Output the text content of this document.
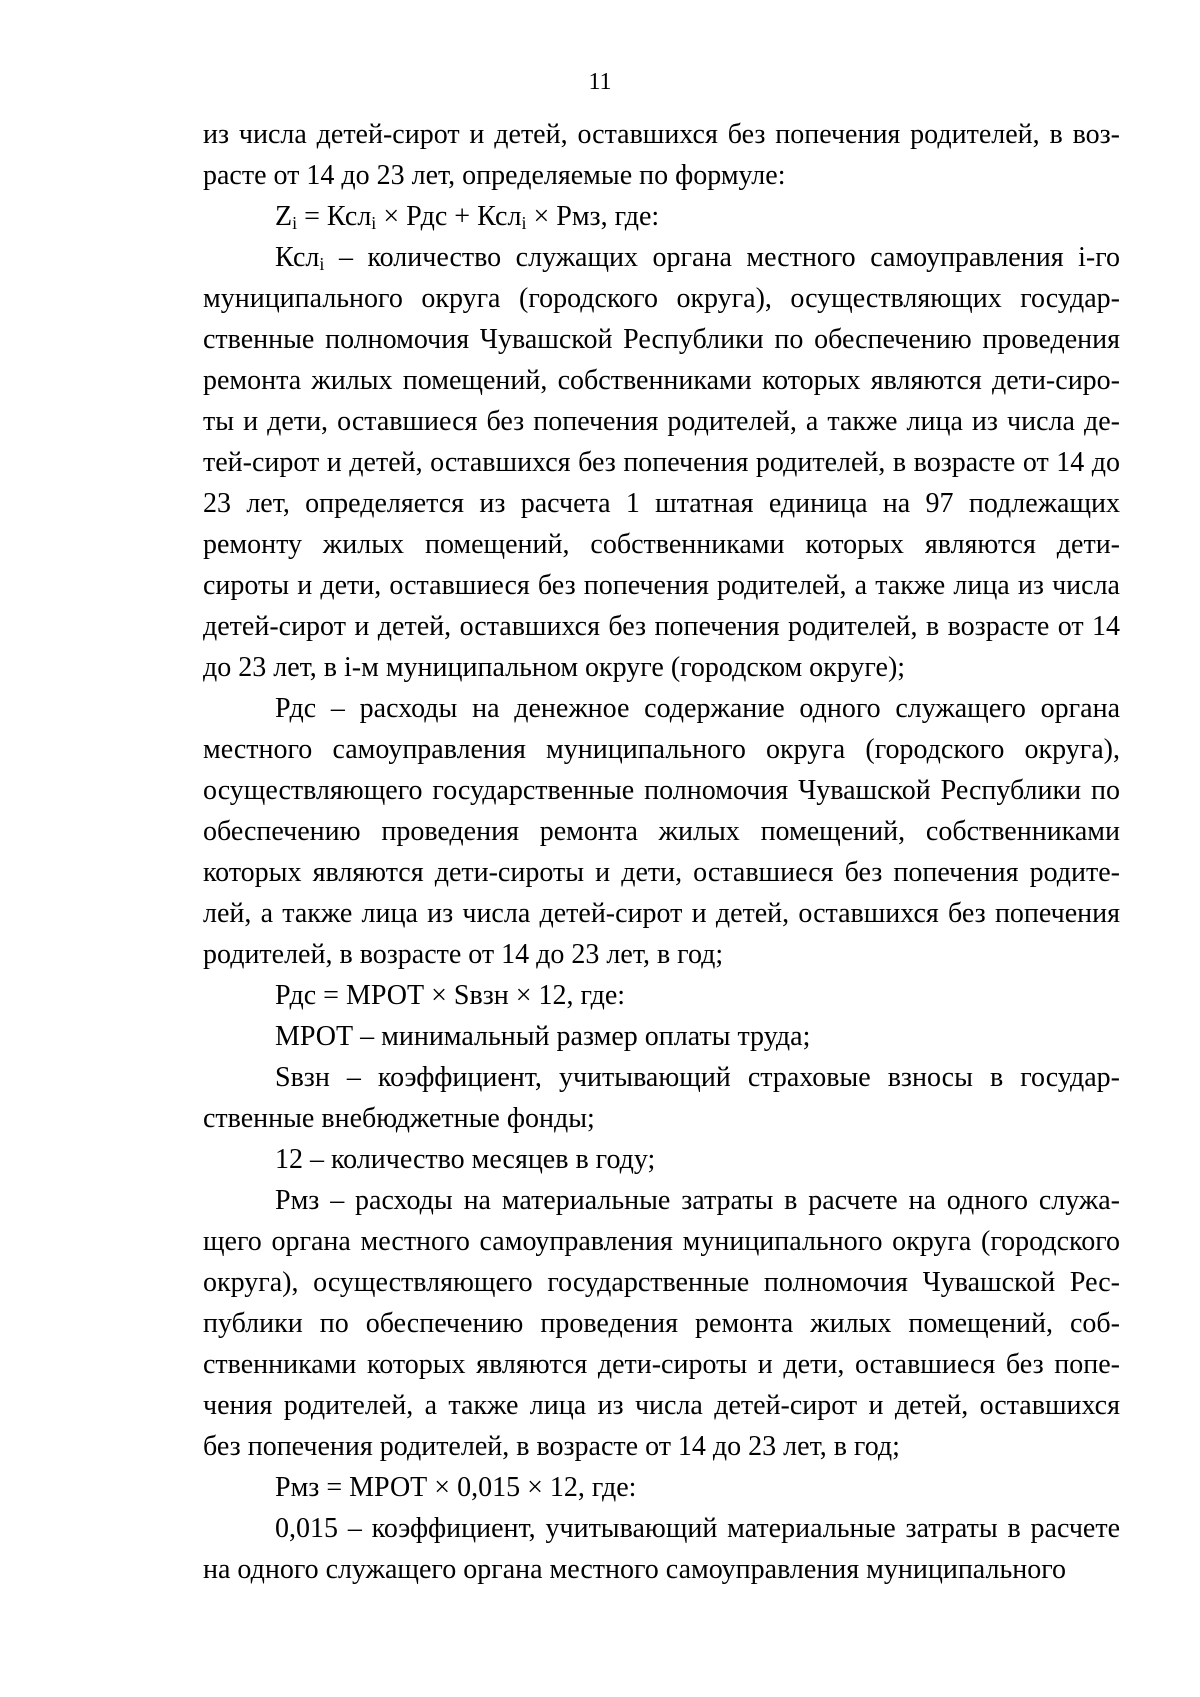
11

из числа детей-сирот и детей, оставшихся без попечения родителей, в возрасте от 14 до 23 лет, определяемые по формуле:

$Z_i = Ксл_i$ × Рдс + Ксл$_i$ × Рмз, где:

Ксл$_i$ – количество служащих органа местного самоуправления i-го муниципального округа (городского округа), осуществляющих государственные полномочия Чувашской Республики по обеспечению проведения ремонта жилых помещений, собственниками которых являются дети-сироты и дети, оставшиеся без попечения родителей, а также лица из числа детей-сирот и детей, оставшихся без попечения родителей, в возрасте от 14 до 23 лет, определяется из расчета 1 штатная единица на 97 подлежащих ремонту жилых помещений, собственниками которых являются дети-сироты и дети, оставшиеся без попечения родителей, а также лица из числа детей-сирот и детей, оставшихся без попечения родителей, в возрасте от 14 до 23 лет, в i-м муниципальном округе (городском округе);

Рдс – расходы на денежное содержание одного служащего органа местного самоуправления муниципального округа (городского округа), осуществляющего государственные полномочия Чувашской Республики по обеспечению проведения ремонта жилых помещений, собственниками которых являются дети-сироты и дети, оставшиеся без попечения родителей, а также лица из числа детей-сирот и детей, оставшихся без попечения родителей, в возрасте от 14 до 23 лет, в год;

Рдс = МРОТ × Sвзн × 12, где:

МРОТ – минимальный размер оплаты труда;

Sвзн – коэффициент, учитывающий страховые взносы в государственные внебюджетные фонды;

12 – количество месяцев в году;

Рмз – расходы на материальные затраты в расчете на одного служащего органа местного самоуправления муниципального округа (городского округа), осуществляющего государственные полномочия Чувашской Республики по обеспечению проведения ремонта жилых помещений, собственниками которых являются дети-сироты и дети, оставшиеся без попечения родителей, а также лица из числа детей-сирот и детей, оставшихся без попечения родителей, в возрасте от 14 до 23 лет, в год;

Рмз = МРОТ × 0,015 × 12, где:

0,015 – коэффициент, учитывающий материальные затраты в расчете на одного служащего органа местного самоуправления муниципального
